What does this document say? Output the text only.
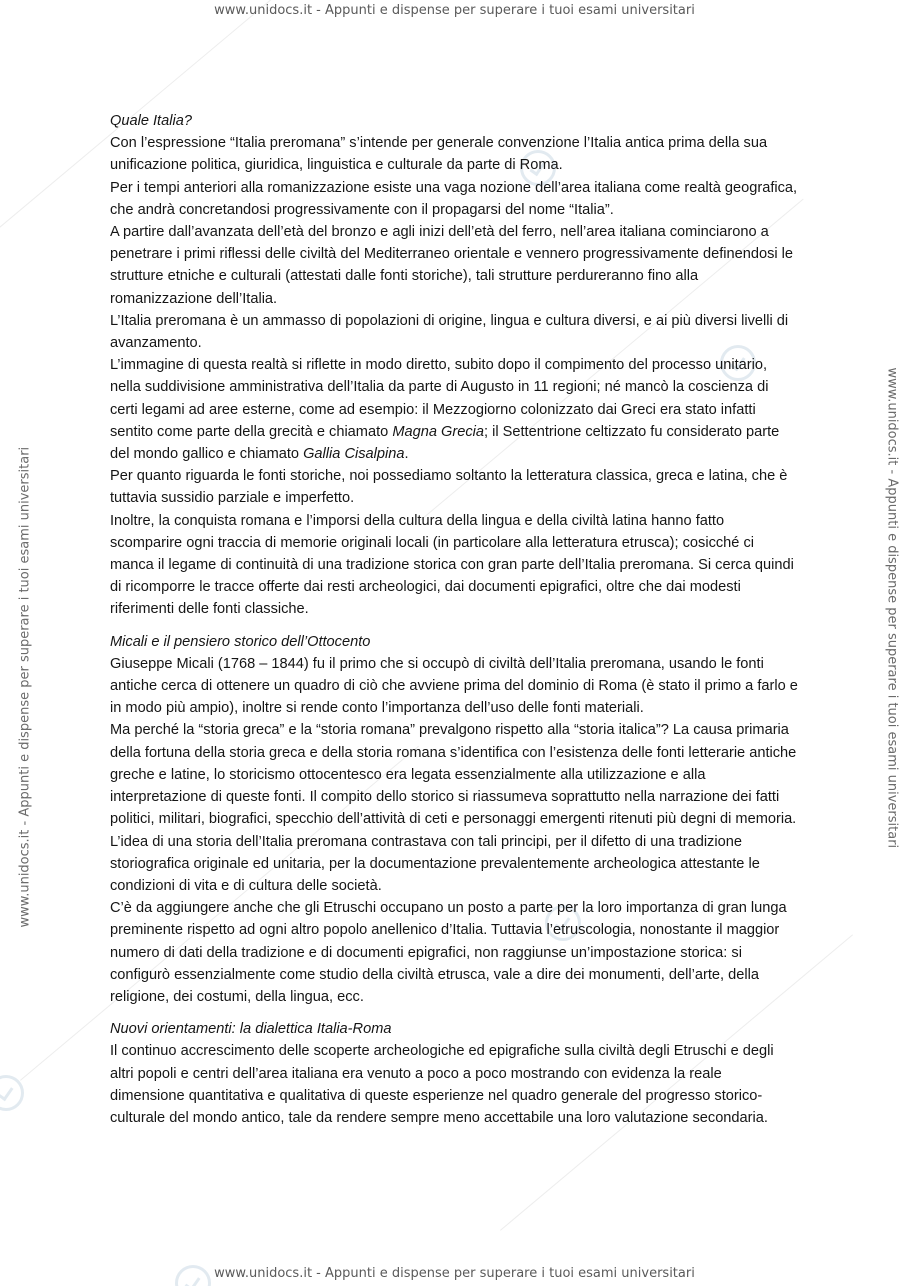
www.unidocs.it - Appunti e dispense per superare i tuoi esami universitari
www.unidocs.it - Appunti e dispense per superare i tuoi esami universitari
www.unidocs.it - Appunti e dispense per superare i tuoi esami universitari	www.unidocs.it - Appunti e dispense per superare i tuoi esami universitari

Quale Italia?

Con l’espressione “Italia preromana” s’intende per generale convenzione l’Italia antica prima della sua unificazione politica, giuridica, linguistica e culturale da parte di Roma.

Per i tempi anteriori alla romanizzazione esiste una vaga nozione dell’area italiana come realtà geografica, che andrà concretandosi progressivamente con il propagarsi del nome “Italia”.

A partire dall’avanzata dell’età del bronzo e agli inizi dell’età del ferro, nell’area italiana cominciarono a penetrare i primi riflessi delle civiltà del Mediterraneo orientale e vennero progressivamente definendosi le strutture etniche e culturali (attestati dalle fonti storiche), tali strutture perdureranno fino alla romanizzazione dell’Italia.

L’Italia preromana è un ammasso di popolazioni di origine, lingua e cultura diversi, e ai più diversi livelli di avanzamento.

L’immagine di questa realtà si riflette in modo diretto, subito dopo il compimento del processo unitario, nella suddivisione amministrativa dell’Italia da parte di Augusto in 11 regioni; né mancò la coscienza di certi legami ad aree esterne, come ad esempio: il Mezzogiorno colonizzato dai Greci era stato infatti sentito come parte della grecità e chiamato Magna Grecia; il Settentrione celtizzato fu considerato parte del mondo gallico e chiamato Gallia Cisalpina.

Per quanto riguarda le fonti storiche, noi possediamo soltanto la letteratura classica, greca e latina, che è tuttavia sussidio parziale e imperfetto.

Inoltre, la conquista romana e l’imporsi della cultura della lingua e della civiltà latina hanno fatto scomparire ogni traccia di memorie originali locali (in particolare alla letteratura etrusca); cosicché ci manca il legame di continuità di una tradizione storica con gran parte dell’Italia preromana. Si cerca quindi di ricomporre le tracce offerte dai resti archeologici, dai documenti epigrafici, oltre che dai modesti riferimenti delle fonti classiche.

Micali e il pensiero storico dell’Ottocento

Giuseppe Micali (1768 – 1844) fu il primo che si occupò di civiltà dell’Italia preromana, usando le fonti antiche cerca di ottenere un quadro di ciò che avviene prima del dominio di Roma (è stato il primo a farlo e in modo più ampio), inoltre si rende conto l’importanza dell’uso delle fonti materiali.

Ma perché la “storia greca” e la “storia romana” prevalgono rispetto alla “storia italica”? La causa primaria della fortuna della storia greca e della storia romana s’identifica con l’esistenza delle fonti letterarie antiche greche e latine, lo storicismo ottocentesco era legata essenzialmente alla utilizzazione e alla interpretazione di queste fonti. Il compito dello storico si riassumeva soprattutto nella narrazione dei fatti politici, militari, biografici, specchio dell’attività di ceti e personaggi emergenti ritenuti più degni di memoria.

L’idea di una storia dell’Italia preromana contrastava con tali principi, per il difetto di una tradizione storiografica originale ed unitaria, per la documentazione prevalentemente archeologica attestante le condizioni di vita e di cultura delle società.

C’è da aggiungere anche che gli Etruschi occupano un posto a parte per la loro importanza di gran lunga preminente rispetto ad ogni altro popolo anellenico d’Italia. Tuttavia l’etruscologia, nonostante il maggior numero di dati della tradizione e di documenti epigrafici, non raggiunse un’impostazione storica: si configurò essenzialmente come studio della civiltà etrusca, vale a dire dei monumenti, dell’arte, della religione, dei costumi, della lingua, ecc.

Nuovi orientamenti: la dialettica Italia-Roma

Il continuo accrescimento delle scoperte archeologiche ed epigrafiche sulla civiltà degli Etruschi e degli altri popoli e centri dell’area italiana era venuto a poco a poco mostrando con evidenza la reale dimensione quantitativa e qualitativa di queste esperienze nel quadro generale del progresso storico-culturale del mondo antico, tale da rendere sempre meno accettabile una loro valutazione secondaria.
